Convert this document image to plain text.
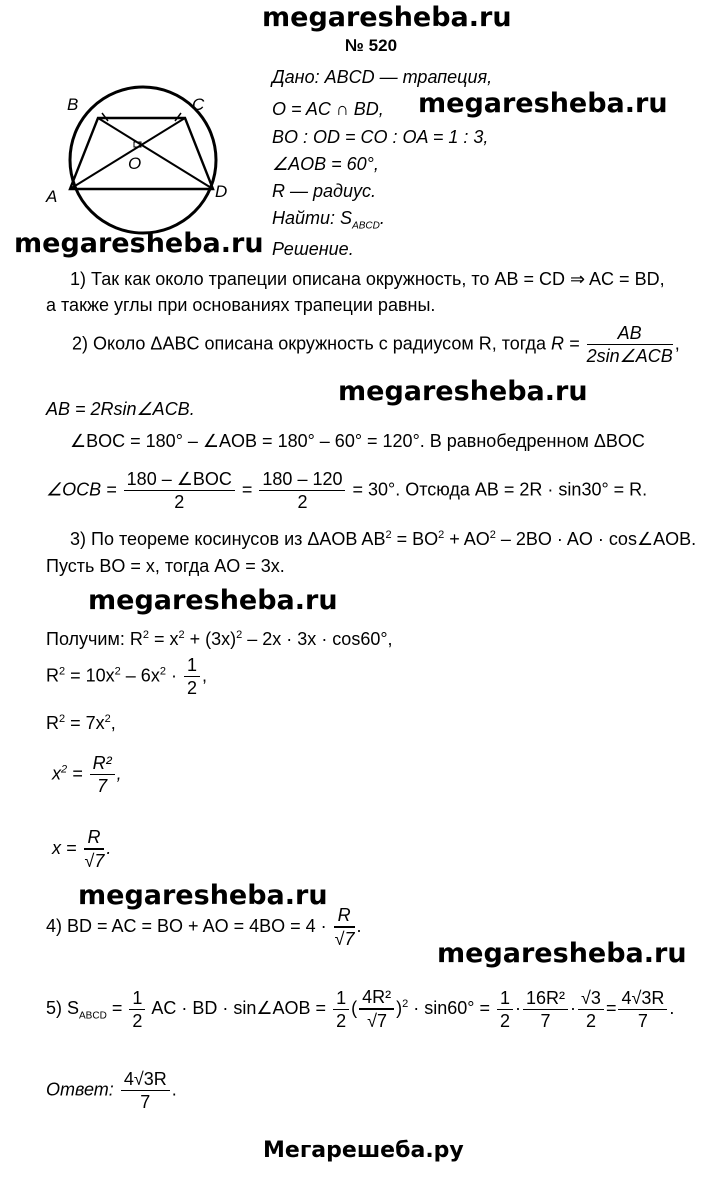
megaresheba.ru
№ 520
B	C
O
A	D
Дано: ABCD — трапеция,
O = AC ∩ BD, megaresheba.ru
BO : OD = CO : OA = 1 : 3,
∠AOB = 60°,
R — радиус.
Найти: $S_{ABCD}$.
megaresheba.ru Решение.
1) Так как около трапеции описана окружность, то AB = CD ⇒ AC = BD,
а также углы при основаниях трапеции равны.
2) Около ΔABC описана окружность с радиусом R, тогда $R = \frac{AB}{\text{2sin∠ACB}}$ ,
AB = 2Rsin∠ACB.
megaresheba.ru
∠BOC = 180° – ∠AOB = 180° – 60° = 120°. В равнобедренном ΔBOC
∠OCB = $\frac{\text{180 – ∠BOC}}{2} = \frac{180 - 120}{2} = 30^\circ$. Отсюда AB = 2R · sin30° = R.
3) По теореме косинусов из ΔAOB $AB^2 = BO^2 + AO^2 - 2BO$ · AO · cos∠AOB.
Пусть BO = x, тогда AO = 3x.
megaresheba.ru
Получим: $R^2 = x^2 + (3x)^2 - 2x \cdot 3x \cdot \cos 60^\circ$,
$R^2 = 10x^2 - 6x^2 \cdot \frac{1}{2}$ ,
$R^2 = 7x^2$,
$x^2 = \frac{\text{R²}}{7}$ ,
$x = \frac{R}{√7}$ .
megaresheba.ru
4) BD = AC = BO + AO = $4BO = 4 \cdot \frac{R}{√7}$ .
megaresheba.ru
5) $S_{ABCD} = \frac{1}{2}$ AC · BD · sin∠AOB = $\frac{1}{2}$ ( $\frac{\text{4R²}}{√7} )^2 \cdot \sin 60^\circ = \frac{1}{2} \cdot \frac{\text{16R²}}{7} \cdot \frac{√3}{2} = \frac{4√3R}{7}$ .
Ответ: $\frac{4√3R}{7}$ .
Мегарешеба.ру
